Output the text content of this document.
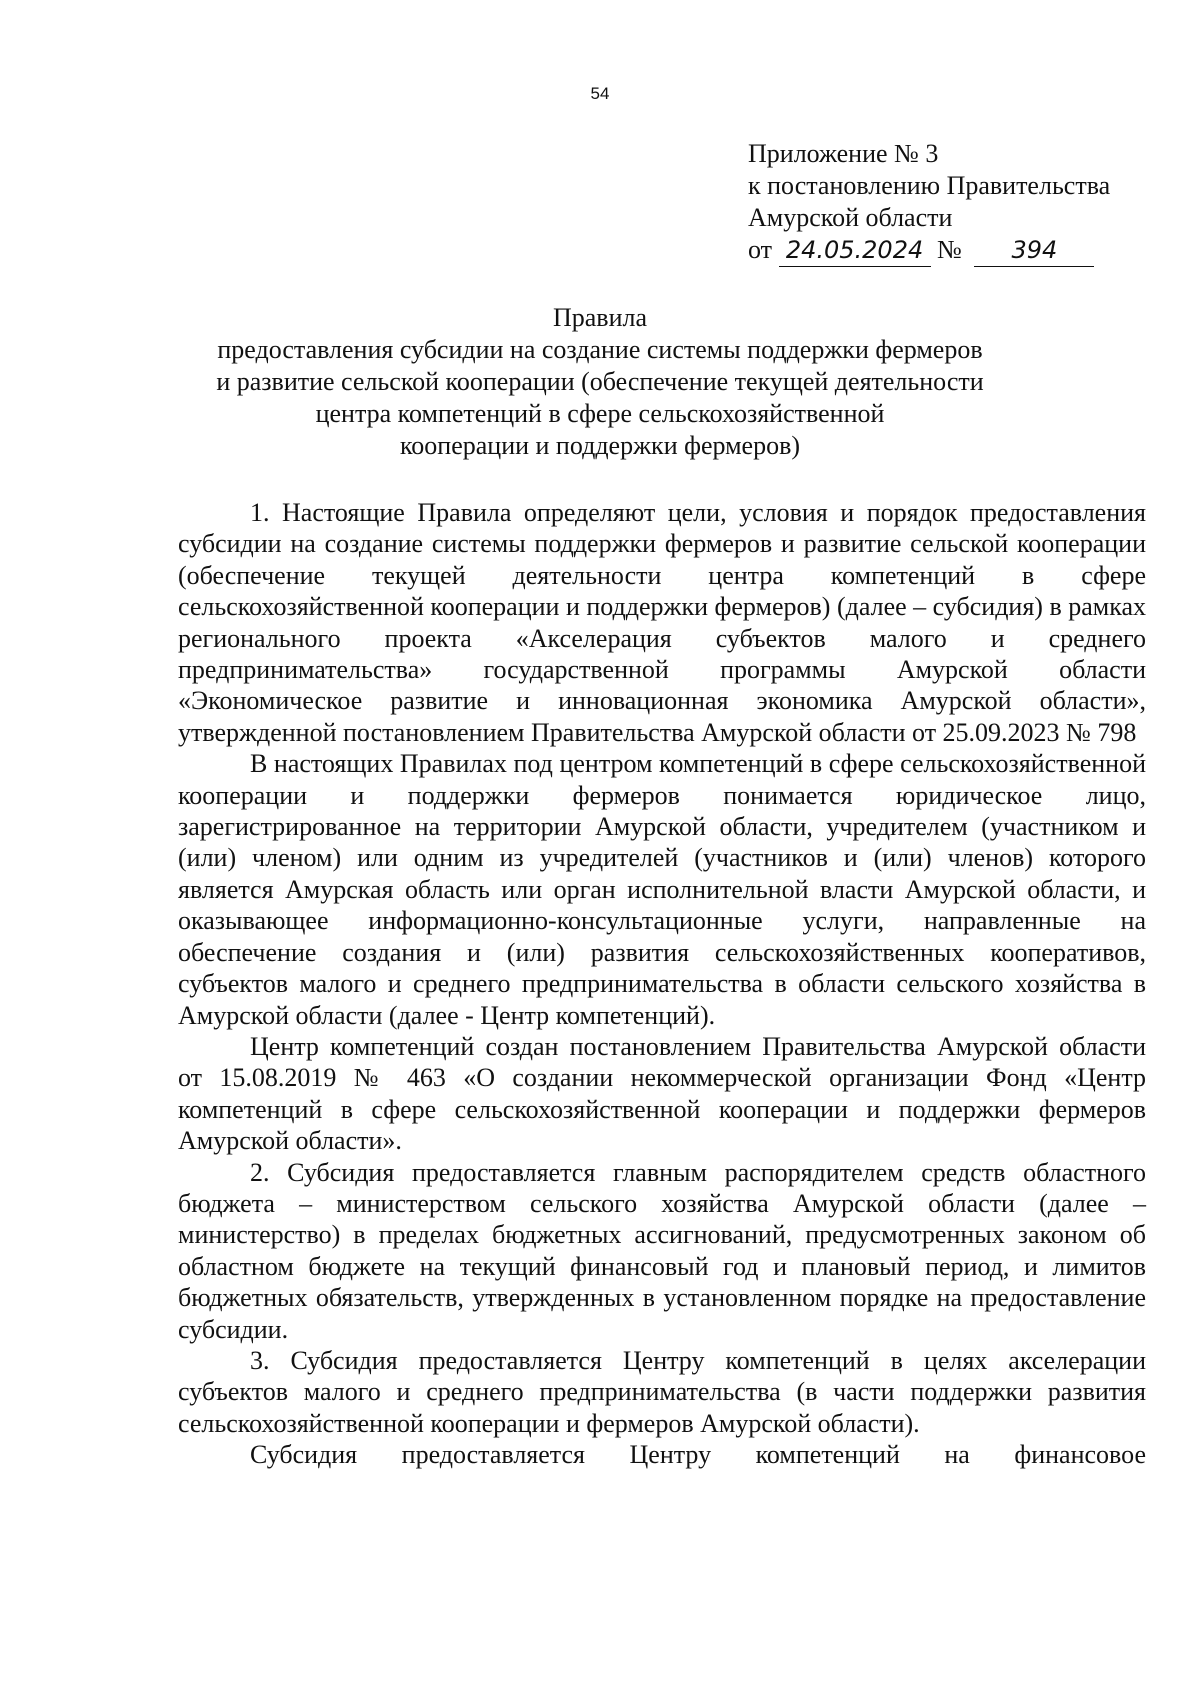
54
Приложение № 3
к постановлению Правительства
Амурской области
от 24.05.2024 № 394
Правила
предоставления субсидии на создание системы поддержки фермеров
и развитие сельской кооперации (обеспечение текущей деятельности
центра компетенций в сфере сельскохозяйственной
кооперации и поддержки фермеров)

1. Настоящие Правила определяют цели, условия и порядок предоставления субсидии на создание системы поддержки фермеров и развитие сельской кооперации (обеспечение текущей деятельности центра компетенций в сфере сельскохозяйственной кооперации и поддержки фермеров) (далее – субсидия) в рамках регионального проекта «Акселерация субъектов малого и среднего предпринимательства» государственной программы Амурской области «Экономическое развитие и инновационная экономика Амурской области», утвержденной постановлением Правительства Амурской области от 25.09.2023 № 798

В настоящих Правилах под центром компетенций в сфере сельскохозяйственной кооперации и поддержки фермеров понимается юридическое лицо, зарегистрированное на территории Амурской области, учредителем (участником и (или) членом) или одним из учредителей (участников и (или) членов) которого является Амурская область или орган исполнительной власти Амурской области, и оказывающее информационно-консультационные услуги, направленные на обеспечение создания и (или) развития сельскохозяйственных кооперативов, субъектов малого и среднего предпринимательства в области сельского хозяйства в Амурской области (далее - Центр компетенций).

Центр компетенций создан постановлением Правительства Амурской области от 15.08.2019 № 463 «О создании некоммерческой организации Фонд «Центр компетенций в сфере сельскохозяйственной кооперации и поддержки фермеров Амурской области».

2. Субсидия предоставляется главным распорядителем средств областного бюджета – министерством сельского хозяйства Амурской области (далее – министерство) в пределах бюджетных ассигнований, предусмотренных законом об областном бюджете на текущий финансовый год и плановый период, и лимитов бюджетных обязательств, утвержденных в установленном порядке на предоставление субсидии.

3. Субсидия предоставляется Центру компетенций в целях акселерации субъектов малого и среднего предпринимательства (в части поддержки развития сельскохозяйственной кооперации и фермеров Амурской области).

Субсидия предоставляется Центру компетенций на финансовое
